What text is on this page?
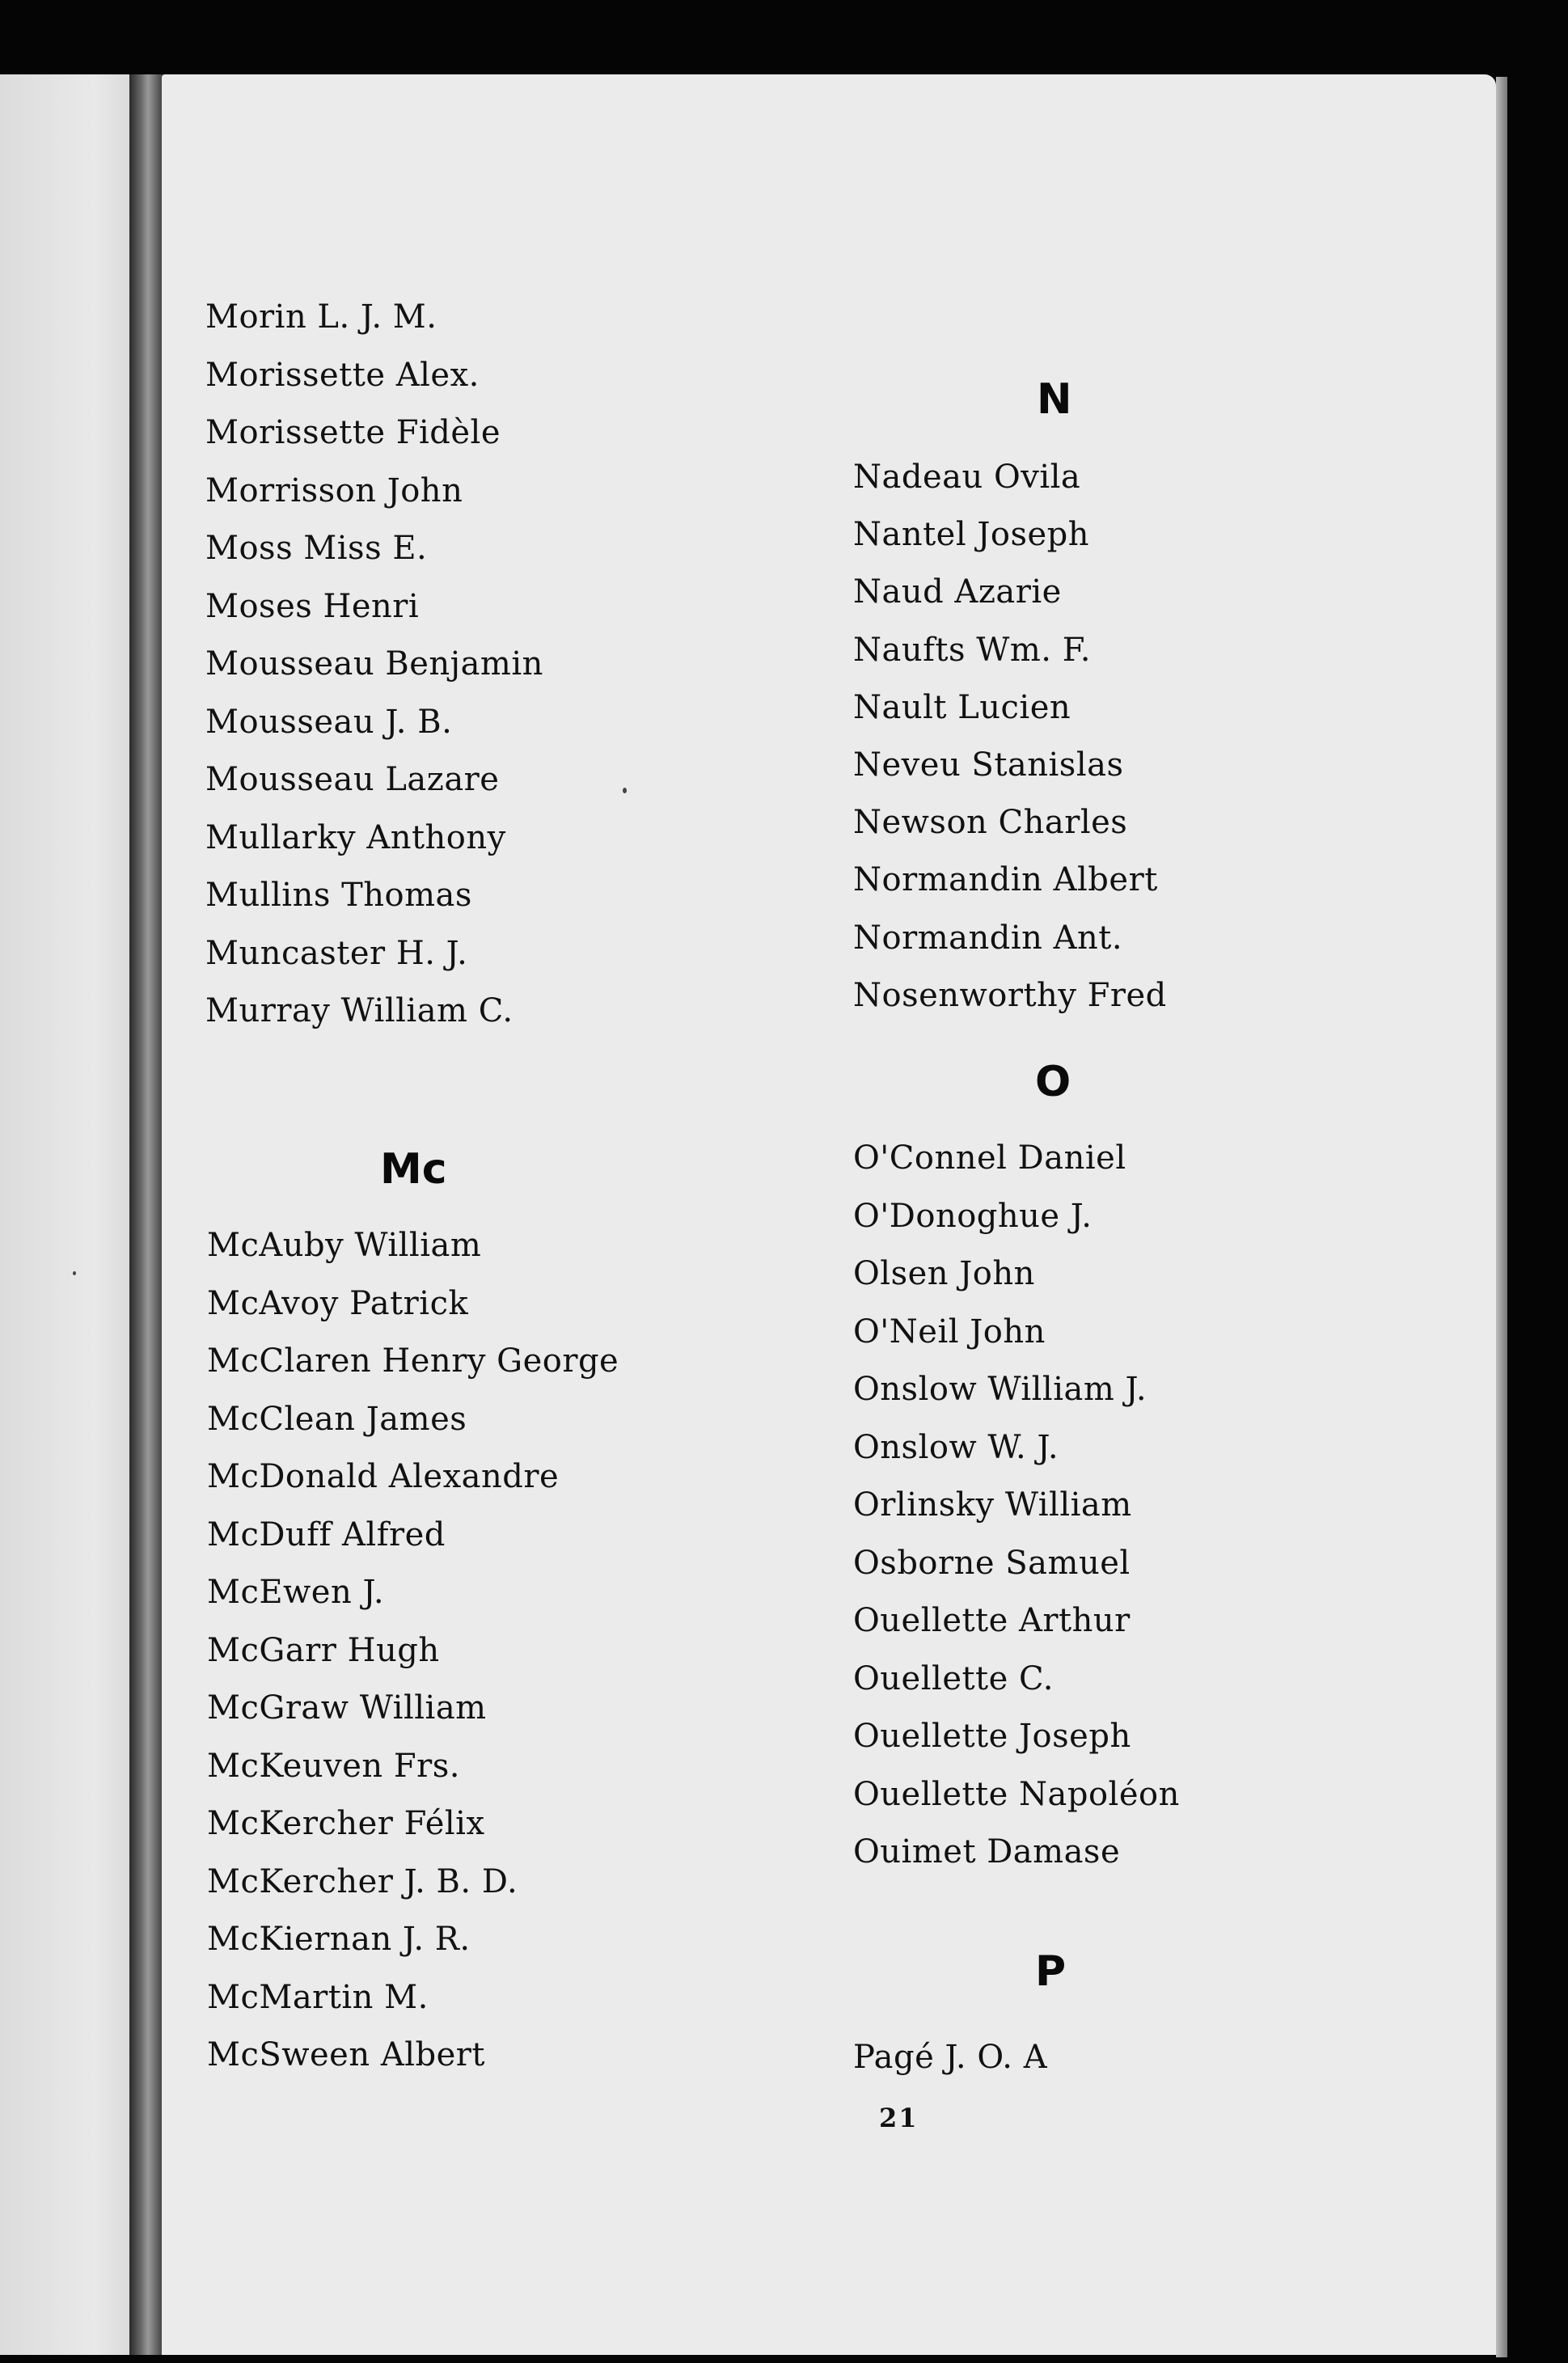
Morin L. J. M.
Morissette Alex.
Morissette Fidèle
Morrisson John
Moss Miss E.
Moses Henri
Mousseau Benjamin
Mousseau J. B.
Mousseau Lazare
Mullarky Anthony
Mullins Thomas
Muncaster H. J.
Murray William C.
Mc
McAuby William
McAvoy Patrick
McClaren Henry George
McClean James
McDonald Alexandre
McDuff Alfred
McEwen J.
McGarr Hugh
McGraw William
McKeuven Frs.
McKercher Félix
McKercher J. B. D.
McKiernan J. R.
McMartin M.
McSween Albert
N
Nadeau Ovila
Nantel Joseph
Naud Azarie
Naufts Wm. F.
Nault Lucien
Neveu Stanislas
Newson Charles
Normandin Albert
Normandin Ant.
Nosenworthy Fred
O
O'Connel Daniel
O'Donoghue J.
Olsen John
O'Neil John
Onslow William J.
Onslow W. J.
Orlinsky William
Osborne Samuel
Ouellette Arthur
Ouellette C.
Ouellette Joseph
Ouellette Napoléon
Ouimet Damase
P
Pagé J. O. A
21
